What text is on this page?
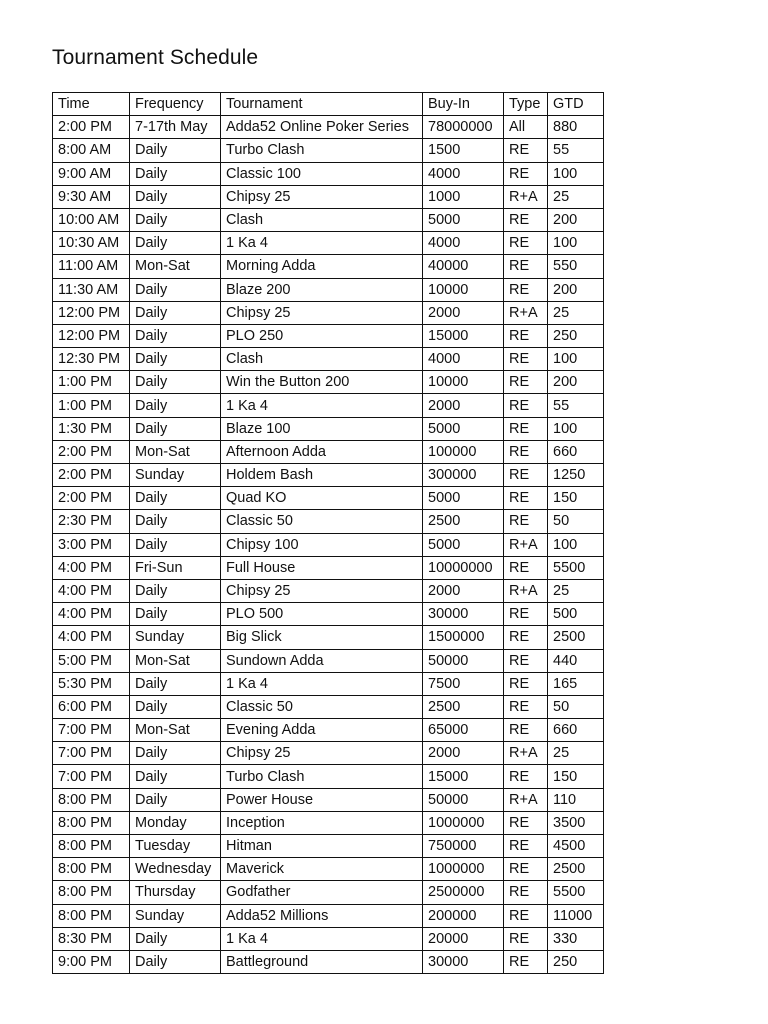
Tournament Schedule
Time	Frequency	Tournament	Buy-In	Type	GTD
2:00 PM	7-17th May	Adda52 Online Poker Series	78000000	All	880
8:00 AM	Daily	Turbo Clash	1500	RE	55
9:00 AM	Daily	Classic 100	4000	RE	100
9:30 AM	Daily	Chipsy 25	1000	R+A	25
10:00 AM	Daily	Clash	5000	RE	200
10:30 AM	Daily	1 Ka 4	4000	RE	100
11:00 AM	Mon-Sat	Morning Adda	40000	RE	550
11:30 AM	Daily	Blaze 200	10000	RE	200
12:00 PM	Daily	Chipsy 25	2000	R+A	25
12:00 PM	Daily	PLO 250	15000	RE	250
12:30 PM	Daily	Clash	4000	RE	100
1:00 PM	Daily	Win the Button 200	10000	RE	200
1:00 PM	Daily	1 Ka 4	2000	RE	55
1:30 PM	Daily	Blaze 100	5000	RE	100
2:00 PM	Mon-Sat	Afternoon Adda	100000	RE	660
2:00 PM	Sunday	Holdem Bash	300000	RE	1250
2:00 PM	Daily	Quad KO	5000	RE	150
2:30 PM	Daily	Classic 50	2500	RE	50
3:00 PM	Daily	Chipsy 100	5000	R+A	100
4:00 PM	Fri-Sun	Full House	10000000	RE	5500
4:00 PM	Daily	Chipsy 25	2000	R+A	25
4:00 PM	Daily	PLO 500	30000	RE	500
4:00 PM	Sunday	Big Slick	1500000	RE	2500
5:00 PM	Mon-Sat	Sundown Adda	50000	RE	440
5:30 PM	Daily	1 Ka 4	7500	RE	165
6:00 PM	Daily	Classic 50	2500	RE	50
7:00 PM	Mon-Sat	Evening Adda	65000	RE	660
7:00 PM	Daily	Chipsy 25	2000	R+A	25
7:00 PM	Daily	Turbo Clash	15000	RE	150
8:00 PM	Daily	Power House	50000	R+A	110
8:00 PM	Monday	Inception	1000000	RE	3500
8:00 PM	Tuesday	Hitman	750000	RE	4500
8:00 PM	Wednesday	Maverick	1000000	RE	2500
8:00 PM	Thursday	Godfather	2500000	RE	5500
8:00 PM	Sunday	Adda52 Millions	200000	RE	11000
8:30 PM	Daily	1 Ka 4	20000	RE	330
9:00 PM	Daily	Battleground	30000	RE	250
